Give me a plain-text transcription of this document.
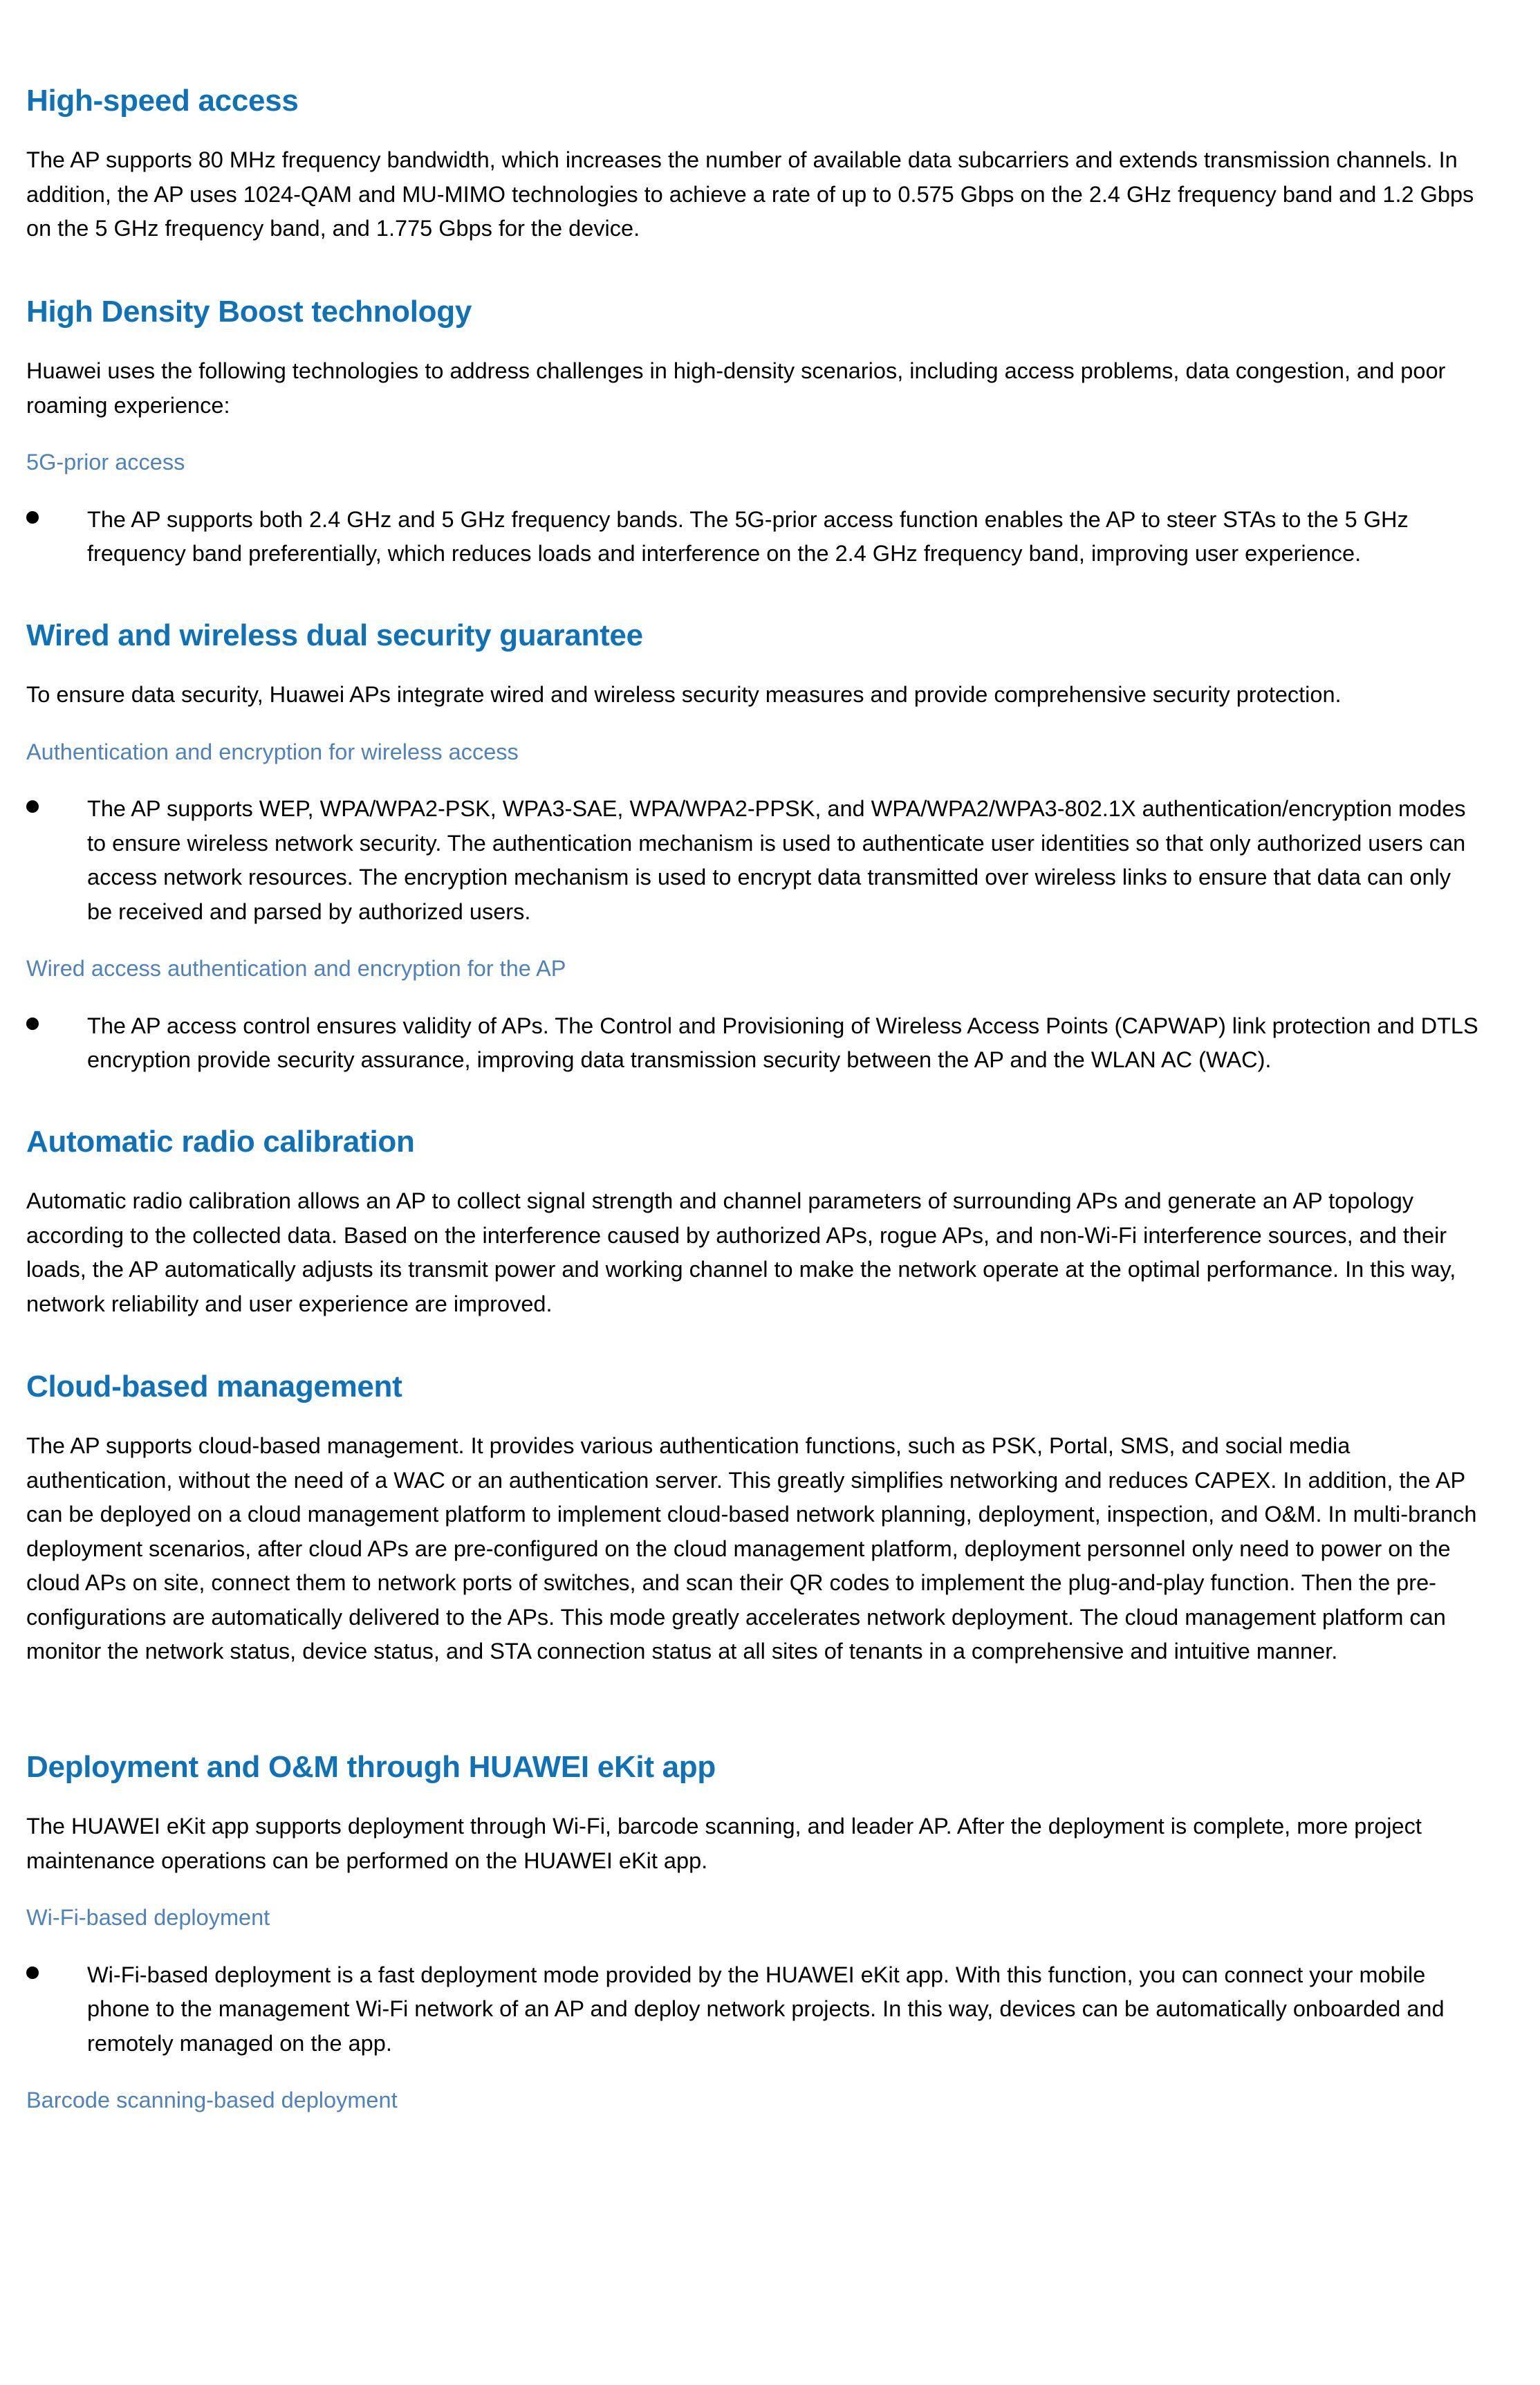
High-speed access

The AP supports 80 MHz frequency bandwidth, which increases the number of available data subcarriers and extends transmission channels. In addition, the AP uses 1024-QAM and MU-MIMO technologies to achieve a rate of up to 0.575 Gbps on the 2.4 GHz frequency band and 1.2 Gbps on the 5 GHz frequency band, and 1.775 Gbps for the device.

High Density Boost technology

Huawei uses the following technologies to address challenges in high-density scenarios, including access problems, data congestion, and poor roaming experience:

5G-prior access
The AP supports both 2.4 GHz and 5 GHz frequency bands. The 5G-prior access function enables the AP to steer STAs to the 5 GHz frequency band preferentially, which reduces loads and interference on the 2.4 GHz frequency band, improving user experience.
Wired and wireless dual security guarantee

To ensure data security, Huawei APs integrate wired and wireless security measures and provide comprehensive security protection.

Authentication and encryption for wireless access
The AP supports WEP, WPA/WPA2-PSK, WPA3-SAE, WPA/WPA2-PPSK, and WPA/WPA2/WPA3-802.1X authentication/encryption modes to ensure wireless network security. The authentication mechanism is used to authenticate user identities so that only authorized users can access network resources. The encryption mechanism is used to encrypt data transmitted over wireless links to ensure that data can only be received and parsed by authorized users.
Wired access authentication and encryption for the AP
The AP access control ensures validity of APs. The Control and Provisioning of Wireless Access Points (CAPWAP) link protection and DTLS encryption provide security assurance, improving data transmission security between the AP and the WLAN AC (WAC).
Automatic radio calibration

Automatic radio calibration allows an AP to collect signal strength and channel parameters of surrounding APs and generate an AP topology according to the collected data. Based on the interference caused by authorized APs, rogue APs, and non-Wi-Fi interference sources, and their loads, the AP automatically adjusts its transmit power and working channel to make the network operate at the optimal performance. In this way, network reliability and user experience are improved.

Cloud-based management

The AP supports cloud-based management. It provides various authentication functions, such as PSK, Portal, SMS, and social media authentication, without the need of a WAC or an authentication server. This greatly simplifies networking and reduces CAPEX. In addition, the AP can be deployed on a cloud management platform to implement cloud-based network planning, deployment, inspection, and O&M. In multi-branch deployment scenarios, after cloud APs are pre-configured on the cloud management platform, deployment personnel only need to power on the cloud APs on site, connect them to network ports of switches, and scan their QR codes to implement the plug-and-play function. Then the pre-configurations are automatically delivered to the APs. This mode greatly accelerates network deployment. The cloud management platform can monitor the network status, device status, and STA connection status at all sites of tenants in a comprehensive and intuitive manner.

Deployment and O&M through HUAWEI eKit app

The HUAWEI eKit app supports deployment through Wi-Fi, barcode scanning, and leader AP. After the deployment is complete, more project maintenance operations can be performed on the HUAWEI eKit app.

Wi-Fi-based deployment
Wi-Fi-based deployment is a fast deployment mode provided by the HUAWEI eKit app. With this function, you can connect your mobile phone to the management Wi-Fi network of an AP and deploy network projects. In this way, devices can be automatically onboarded and remotely managed on the app.
Barcode scanning-based deployment
